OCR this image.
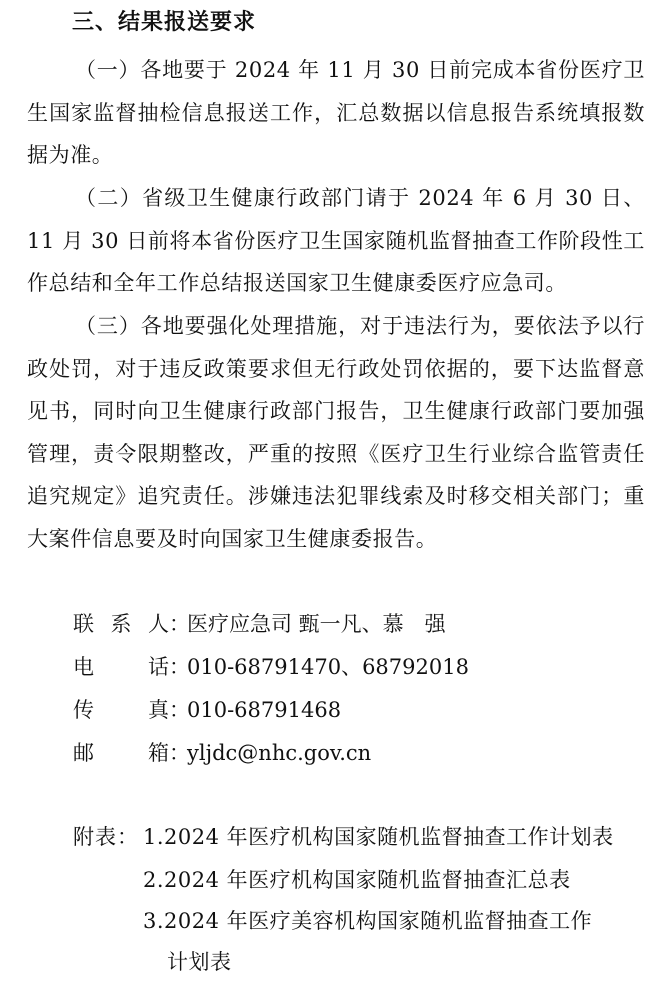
三、结果报送要求
（一）各地要于 2024 年 11 月 30 日前完成本省份医疗卫生国家监督抽检信息报送工作，汇总数据以信息报告系统填报数据为准。
（二）省级卫生健康行政部门请于 2024 年 6 月 30 日、11 月 30 日前将本省份医疗卫生国家随机监督抽查工作阶段性工作总结和全年工作总结报送国家卫生健康委医疗应急司。
（三）各地要强化处理措施，对于违法行为，要依法予以行政处罚，对于违反政策要求但无行政处罚依据的，要下达监督意见书，同时向卫生健康行政部门报告，卫生健康行政部门要加强管理，责令限期整改，严重的按照《医疗卫生行业综合监管责任追究规定》追究责任。涉嫌违法犯罪线索及时移交相关部门；重大案件信息要及时向国家卫生健康委报告。
联系人：医疗应急司 甄一凡、慕　强
电话：010-68791470、68792018
传真：010-68791468
邮箱：yljdc@nhc.gov.cn
附表： 1.2024 年医疗机构国家随机监督抽查工作计划表
2.2024 年医疗机构国家随机监督抽查汇总表
3.2024 年医疗美容机构国家随机监督抽查工作
计划表
